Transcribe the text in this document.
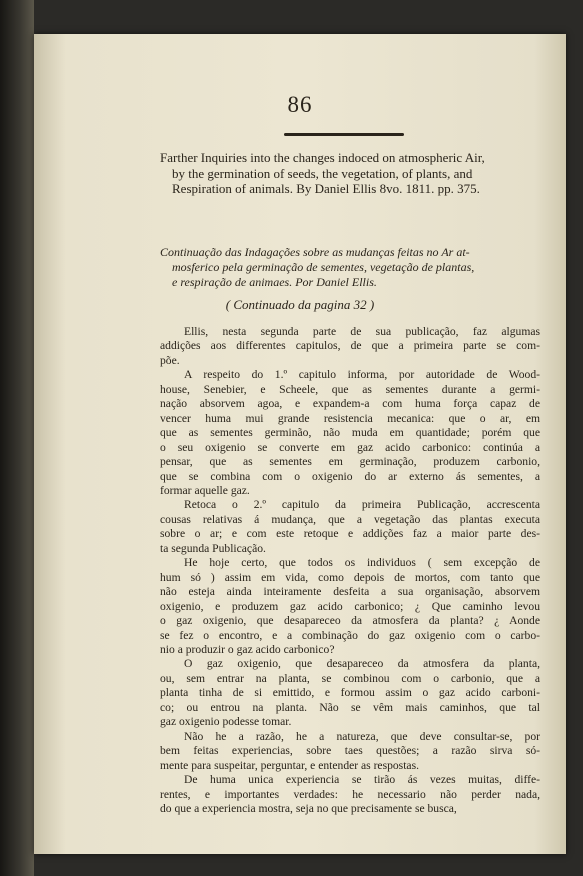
86
Farther Inquiries into the changes indoced on atmospheric Air,
by the germination of seeds, the vegetation, of plants, and
Respiration of animals. By Daniel Ellis 8vo. 1811. pp. 375.
Continuação das Indagações sobre as mudanças feitas no Ar at-
mosferico pela germinação de sementes, vegetação de plantas,
e respiração de animaes. Por Daniel Ellis.
( Continuado da pagina 32 )
Ellis, nesta segunda parte de sua publicação, faz algumas
addições aos differentes capitulos, de que a primeira parte se com-
põe.
A respeito do 1.º capitulo informa, por autoridade de Wood-
house, Senebier, e Scheele, que as sementes durante a germi-
nação absorvem agoa, e expandem-a com huma força capaz de
vencer huma mui grande resistencia mecanica: que o ar, em
que as sementes germinão, não muda em quantidade; porém que
o seu oxigenio se converte em gaz acido carbonico: continúa a
pensar, que as sementes em germinação, produzem carbonio,
que se combina com o oxigenio do ar externo ás sementes, a
formar aquelle gaz.
Retoca o 2.º capitulo da primeira Publicação, accrescenta
cousas relativas á mudança, que a vegetação das plantas executa
sobre o ar; e com este retoque e addições faz a maior parte des-
ta segunda Publicação.
He hoje certo, que todos os individuos ( sem excepção de
hum só ) assim em vida, como depois de mortos, com tanto que
não esteja ainda inteiramente desfeita a sua organisação, absorvem
oxigenio, e produzem gaz acido carbonico; ¿ Que caminho levou
o gaz oxigenio, que desapareceo da atmosfera da planta? ¿ Aonde
se fez o encontro, e a combinação do gaz oxigenio com o carbo-
nio a produzir o gaz acido carbonico?
O gaz oxigenio, que desapareceo da atmosfera da planta,
ou, sem entrar na planta, se combinou com o carbonio, que a
planta tinha de si emittido, e formou assim o gaz acido carboni-
co; ou entrou na planta. Não se vêm mais caminhos, que tal
gaz oxigenio podesse tomar.
Não he a razão, he a natureza, que deve consultar-se, por
bem feitas experiencias, sobre taes questões; a razão sirva só-
mente para suspeitar, perguntar, e entender as respostas.
De huma unica experiencia se tirão ás vezes muitas, diffe-
rentes, e importantes verdades: he necessario não perder nada,
do que a experiencia mostra, seja no que precisamente se busca,
